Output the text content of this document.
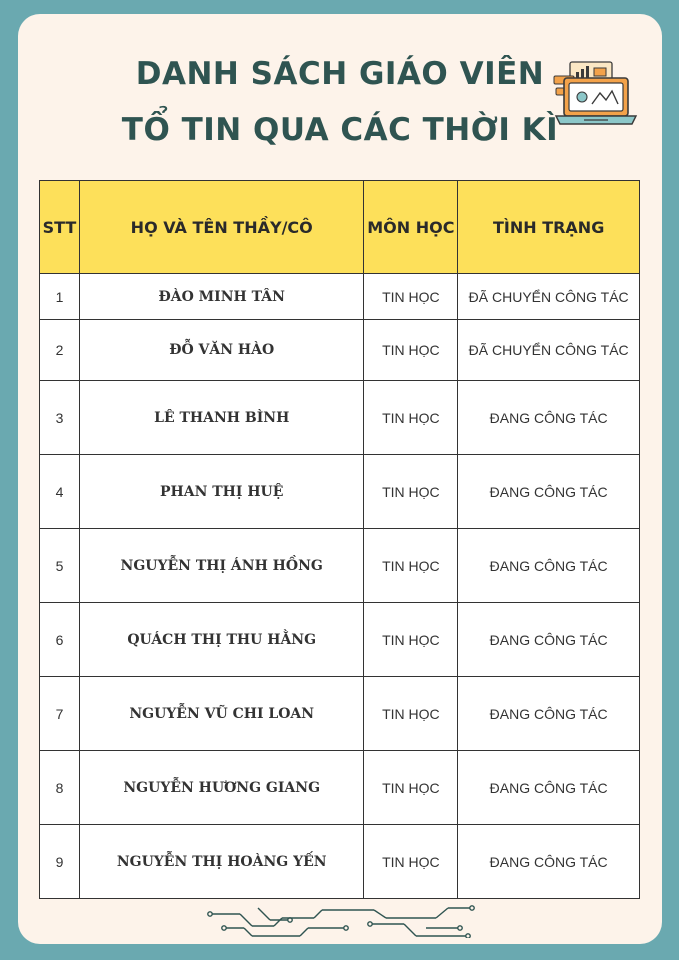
DANH SÁCH GIÁO VIÊN
TỔ TIN QUA CÁC THỜI KÌ
STT	HỌ VÀ TÊN THẦY/CÔ	MÔN HỌC	TÌNH TRẠNG
1	ĐÀO MINH TÂN	TIN HỌC	ĐÃ CHUYỂN CÔNG TÁC
2	ĐỖ VĂN HÀO	TIN HỌC	ĐÃ CHUYỂN CÔNG TÁC
3	LÊ THANH BÌNH	TIN HỌC	ĐANG CÔNG TÁC
4	PHAN THỊ HUỆ	TIN HỌC	ĐANG CÔNG TÁC
5	NGUYỄN THỊ ÁNH HỒNG	TIN HỌC	ĐANG CÔNG TÁC
6	QUÁCH THỊ THU HẰNG	TIN HỌC	ĐANG CÔNG TÁC
7	NGUYỄN VŨ CHI LOAN	TIN HỌC	ĐANG CÔNG TÁC
8	NGUYỄN HƯƠNG GIANG	TIN HỌC	ĐANG CÔNG TÁC
9	NGUYỄN THỊ HOÀNG YẾN	TIN HỌC	ĐANG CÔNG TÁC
